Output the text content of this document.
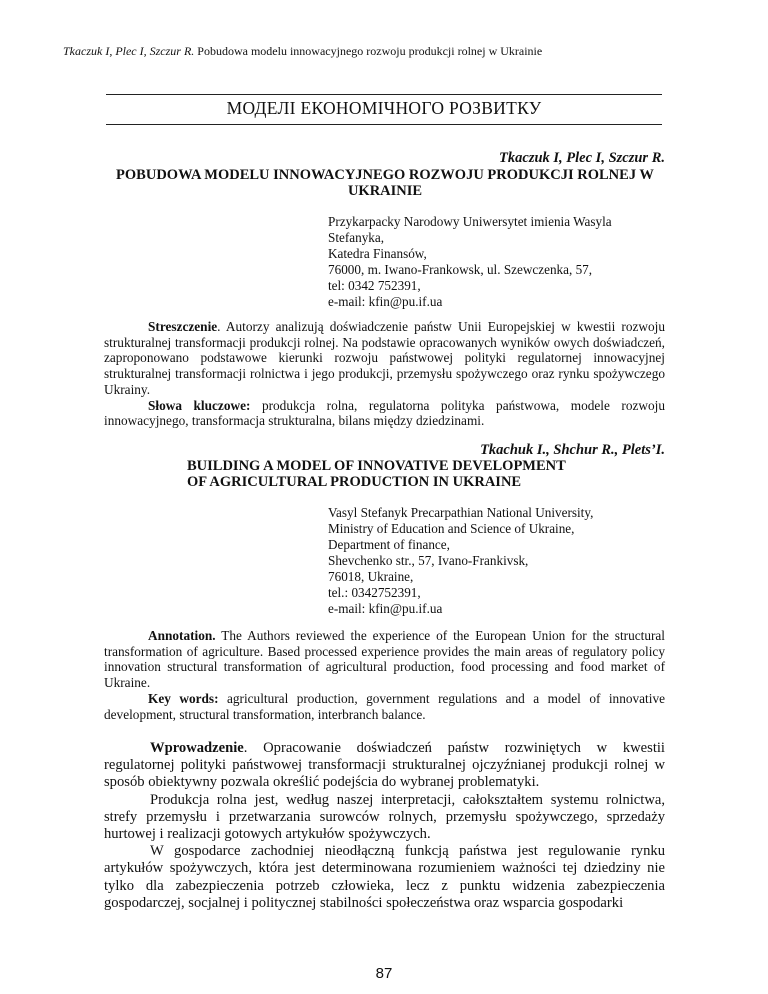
Tkaczuk I, Plec I, Szczur R. Pobudowa modelu innowacyjnego rozwoju produkcji rolnej w Ukrainie
МОДЕЛІ ЕКОНОМІЧНОГО РОЗВИТКУ
Tkaczuk I, Plec I, Szczur R.
POBUDOWA MODELU INNOWACYJNEGO ROZWOJU PRODUKCJI ROLNEJ W
UKRAINIE
Przykarpacky Narodowy Uniwersytet imienia Wasyla
Stefanyka,
Katedra Finansów,
76000, m. Iwano-Frankowsk, ul. Szewczenka, 57,
tel: 0342 752391,
e-mail: kfin@pu.if.ua

Streszczenie. Autorzy analizują doświadczenie państw Unii Europejskiej w kwestii rozwoju strukturalnej transformacji produkcji rolnej. Na podstawie opracowanych wyników owych doświadczeń, zaproponowano podstawowe kierunki rozwoju państwowej polityki regulatornej innowacyjnej strukturalnej transformacji rolnictwa i jego produkcji, przemysłu spożywczego oraz rynku spożywczego Ukrainy.

Słowa kluczowe: produkcja rolna, regulatorna polityka państwowa, modele rozwoju innowacyjnego, transformacja strukturalna, bilans między dziedzinami.

Tkachuk I., Shchur R., Plets’I.
BUILDING A MODEL OF INNOVATIVE DEVELOPMENT
OF AGRICULTURAL PRODUCTION IN UKRAINE
Vasyl Stefanyk Precarpathian National University,
Ministry of Education and Science of Ukraine,
Department of finance,
Shevchenko str., 57, Ivano-Frankivsk,
76018, Ukraine,
tel.: 0342752391,
e-mail: kfin@pu.if.ua

Annotation. The Authors reviewed the experience of the European Union for the structural transformation of agriculture. Based processed experience provides the main areas of regulatory policy innovation structural transformation of agricultural production, food processing and food market of Ukraine.

Key words: agricultural production, government regulations and a model of innovative development, structural transformation, interbranch balance.

Wprowadzenie. Opracowanie doświadczeń państw rozwiniętych w kwestii regulatornej polityki państwowej transformacji strukturalnej ojczyźnianej produkcji rolnej w sposób obiektywny pozwala określić podejścia do wybranej problematyki.

Produkcja rolna jest, według naszej interpretacji, całokształtem systemu rolnictwa, strefy przemysłu i przetwarzania surowców rolnych, przemysłu spożywczego, sprzedaży hurtowej i realizacji gotowych artykułów spożywczych.

W gospodarce zachodniej nieodłączną funkcją państwa jest regulowanie rynku artykułów spożywczych, która jest determinowana rozumieniem ważności tej dziedziny nie tylko dla zabezpieczenia potrzeb człowieka, lecz z punktu widzenia zabezpieczenia gospodarczej, socjalnej i politycznej stabilności społeczeństwa oraz wsparcia gospodarki

87
